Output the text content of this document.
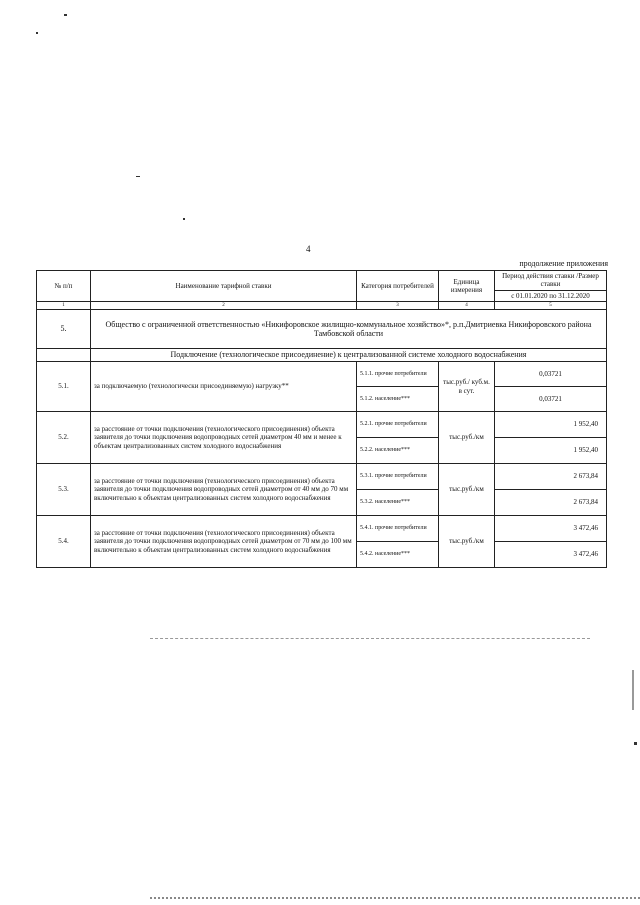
4
продолжение приложения
№ п/п	Наименование тарифной ставки	Категория потребителей	Единица измерения	Период действия ставки /Размер ставки
				с 01.01.2020 по 31.12.2020
1	2	3	4	5
5.	Общество с ограниченной ответственностью «Никифоровское жилищно-коммунальное хозяйство»*, р.п.Дмитриевка Никифоровского района Тамбовской области			
	Подключение (технологическое присоединение) к централизованной системе холодного водоснабжения			
5.1.	за подключаемую (технологически присоединяемую) нагрузку**	5.1.1. прочие потребители	тыс.руб./ куб.м. в сут.	0,03721
		5.1.2. население***		0,03721
5.2.	за расстояние от точки подключения (технологического присоединения) объекта заявителя до точки подключения водопроводных сетей диаметром 40 мм и менее к объектам централизованных систем холодного водоснабжения	5.2.1. прочие потребители	тыс.руб./км	1 952,40
		5.2.2. население***		1 952,40
5.3.	за расстояние от точки подключения (технологического присоединения) объекта заявителя до точки подключения водопроводных сетей диаметром от 40 мм до 70 мм включительно к объектам централизованных систем холодного водоснабжения	5.3.1. прочие потребители	тыс.руб./км	2 673,84
		5.3.2. население***		2 673,84
5.4.	за расстояние от точки подключения (технологического присоединения) объекта заявителя до точки подключения водопроводных сетей диаметром от 70 мм до 100 мм включительно к объектам централизованных систем холодного водоснабжения	5.4.1. прочие потребители	тыс.руб./км	3 472,46
		5.4.2. население***		3 472,46
